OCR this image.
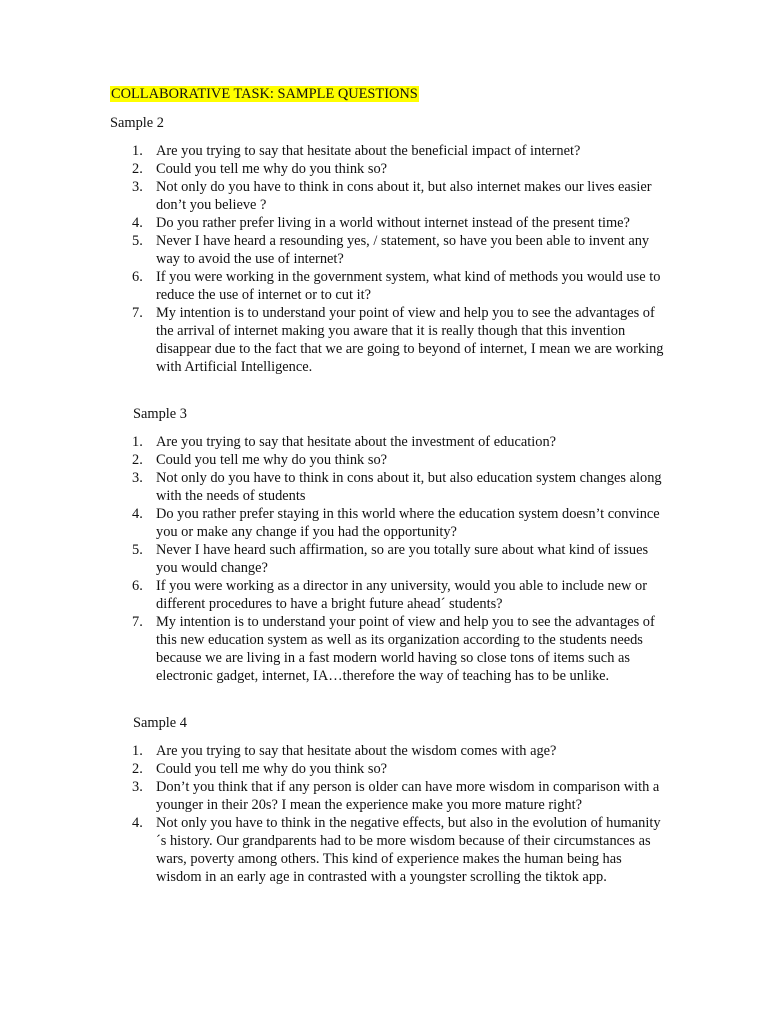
COLLABORATIVE TASK: SAMPLE QUESTIONS
Sample 2
1. Are you trying to say that hesitate about the beneficial impact of internet?
2. Could you tell me why do you think so?
3. Not only do you have to think in cons about it, but also internet makes our lives easier don’t you believe ?
4. Do you rather prefer living in a world without internet instead of the present time?
5. Never I have heard a resounding yes, / statement, so have you been able to invent any way to avoid the use of internet?
6. If you were working in the government system, what kind of methods you would use to reduce the use of internet or to cut it?
7. My intention is to understand your point of view and help you to see the advantages of the arrival of internet making you aware that it is really though that this invention disappear due to the fact that we are going to beyond of internet, I mean we are working with Artificial Intelligence.
Sample 3
1. Are you trying to say that hesitate about the investment of education?
2. Could you tell me why do you think so?
3. Not only do you have to think in cons about it, but also education system changes along with the needs of students
4. Do you rather prefer staying in this world where the education system doesn’t convince you or make any change if you had the opportunity?
5. Never I have heard such affirmation, so are you totally sure about what kind of issues you would change?
6. If you were working as a director in any university, would you able to include new or different procedures to have a bright future ahead´ students?
7. My intention is to understand your point of view and help you to see the advantages of this new education system as well as its organization according to the students needs because we are living in a fast modern world having so close tons of items such as electronic gadget, internet, IA…therefore the way of teaching has to be unlike.
Sample 4
1. Are you trying to say that hesitate about the wisdom comes with age?
2. Could you tell me why do you think so?
3. Don’t you think that if any person is older can have more wisdom in comparison with a younger in their 20s? I mean the experience make you more mature right?
4. Not only you have to think in the negative effects, but also in the evolution of humanity´s history. Our grandparents had to be more wisdom because of their circumstances as wars, poverty among others. This kind of experience makes the human being has wisdom in an early age in contrasted with a youngster scrolling the tiktok app.
